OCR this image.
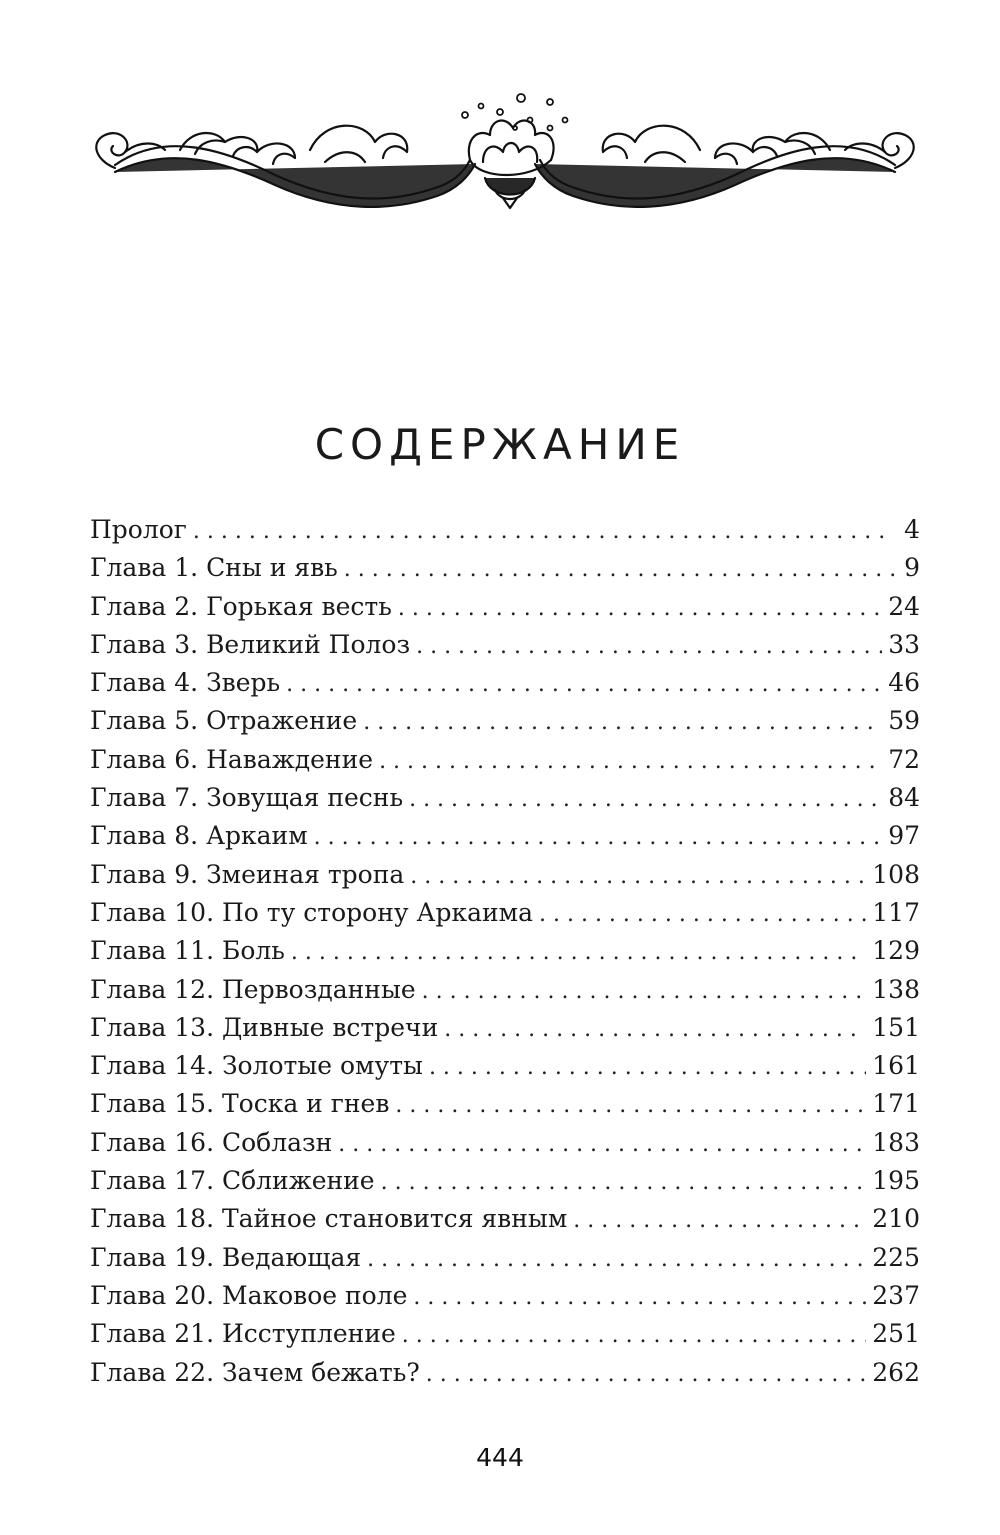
СОДЕРЖАНИЕ
Пролог . . .	4
Глава 1. Сны и явь . . .	9
Глава 2. Горькая весть . . .	24
Глава 3. Великий Полоз . . .	33
Глава 4. Зверь . . .	46
Глава 5. Отражение . . .	59
Глава 6. Наваждение . . .	72
Глава 7. Зовущая песнь . . .	84
Глава 8. Аркаим . . .	97
Глава 9. Змеиная тропа . . .	108
Глава 10. По ту сторону Аркаима . . .	117
Глава 11. Боль . . .	129
Глава 12. Первозданные . . .	138
Глава 13. Дивные встречи . . .	151
Глава 14. Золотые омуты . . .	161
Глава 15. Тоска и гнев . . .	171
Глава 16. Соблазн . . .	183
Глава 17. Сближение . . .	195
Глава 18. Тайное становится явным . . .	210
Глава 19. Ведающая . . .	225
Глава 20. Маковое поле . . .	237
Глава 21. Исступление . . .	251
Глава 22. Зачем бежать? . . .	262
444
